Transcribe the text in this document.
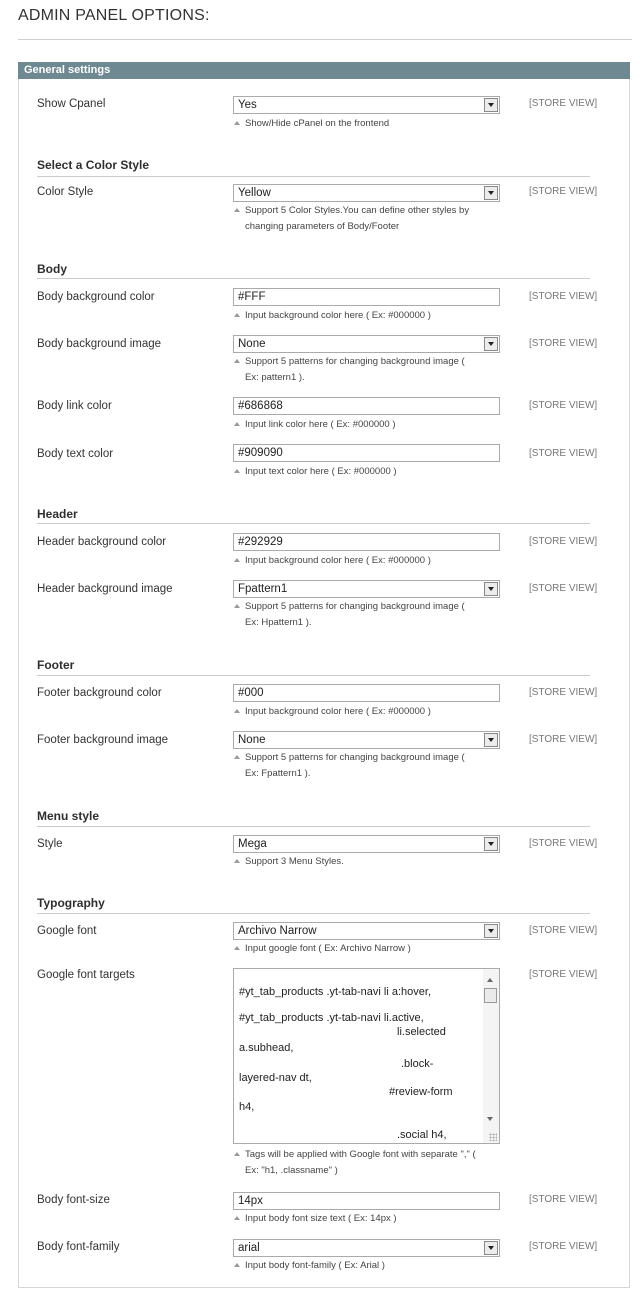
ADMIN PANEL OPTIONS:
General settings
Show Cpanel	Yes
Show/Hide cPanel on the frontend
[STORE VIEW]
Select a Color Style
Color Style	Yellow
Support 5 Color Styles.You can define other styles by
changing parameters of Body/Footer
[STORE VIEW]
Body
Body background color	#FFF
Input background color here ( Ex: #000000 )
[STORE VIEW]
Body background image	None
Support 5 patterns for changing background image (
Ex: pattern1 ).
[STORE VIEW]
Body link color	#686868
Input link color here ( Ex: #000000 )
[STORE VIEW]
Body text color	#909090
Input text color here ( Ex: #000000 )
[STORE VIEW]
Header
Header background color	#292929
Input background color here ( Ex: #000000 )
[STORE VIEW]
Header background image	Fpattern1
Support 5 patterns for changing background image (
Ex: Hpattern1 ).
[STORE VIEW]
Footer
Footer background color	#000
Input background color here ( Ex: #000000 )
[STORE VIEW]
Footer background image	None
Support 5 patterns for changing background image (
Ex: Fpattern1 ).
[STORE VIEW]
Menu style
Style	Mega
Support 3 Menu Styles.
[STORE VIEW]
Typography
Google font	Archivo Narrow
Input google font ( Ex: Archivo Narrow )
[STORE VIEW]
Google font targets
#yt_tab_products .yt-tab-navi li a:hover,
#yt_tab_products .yt-tab-navi li.active,
li.selected
a.subhead,
.block-
layered-nav dt,
#review-form
h4,
.social h4,
Tags will be applied with Google font with separate "," (
Ex: "h1, .classname" )
[STORE VIEW]
Body font-size	14px
Input body font size text ( Ex: 14px )
[STORE VIEW]
Body font-family	arial
Input body font-family ( Ex: Arial )
[STORE VIEW]
